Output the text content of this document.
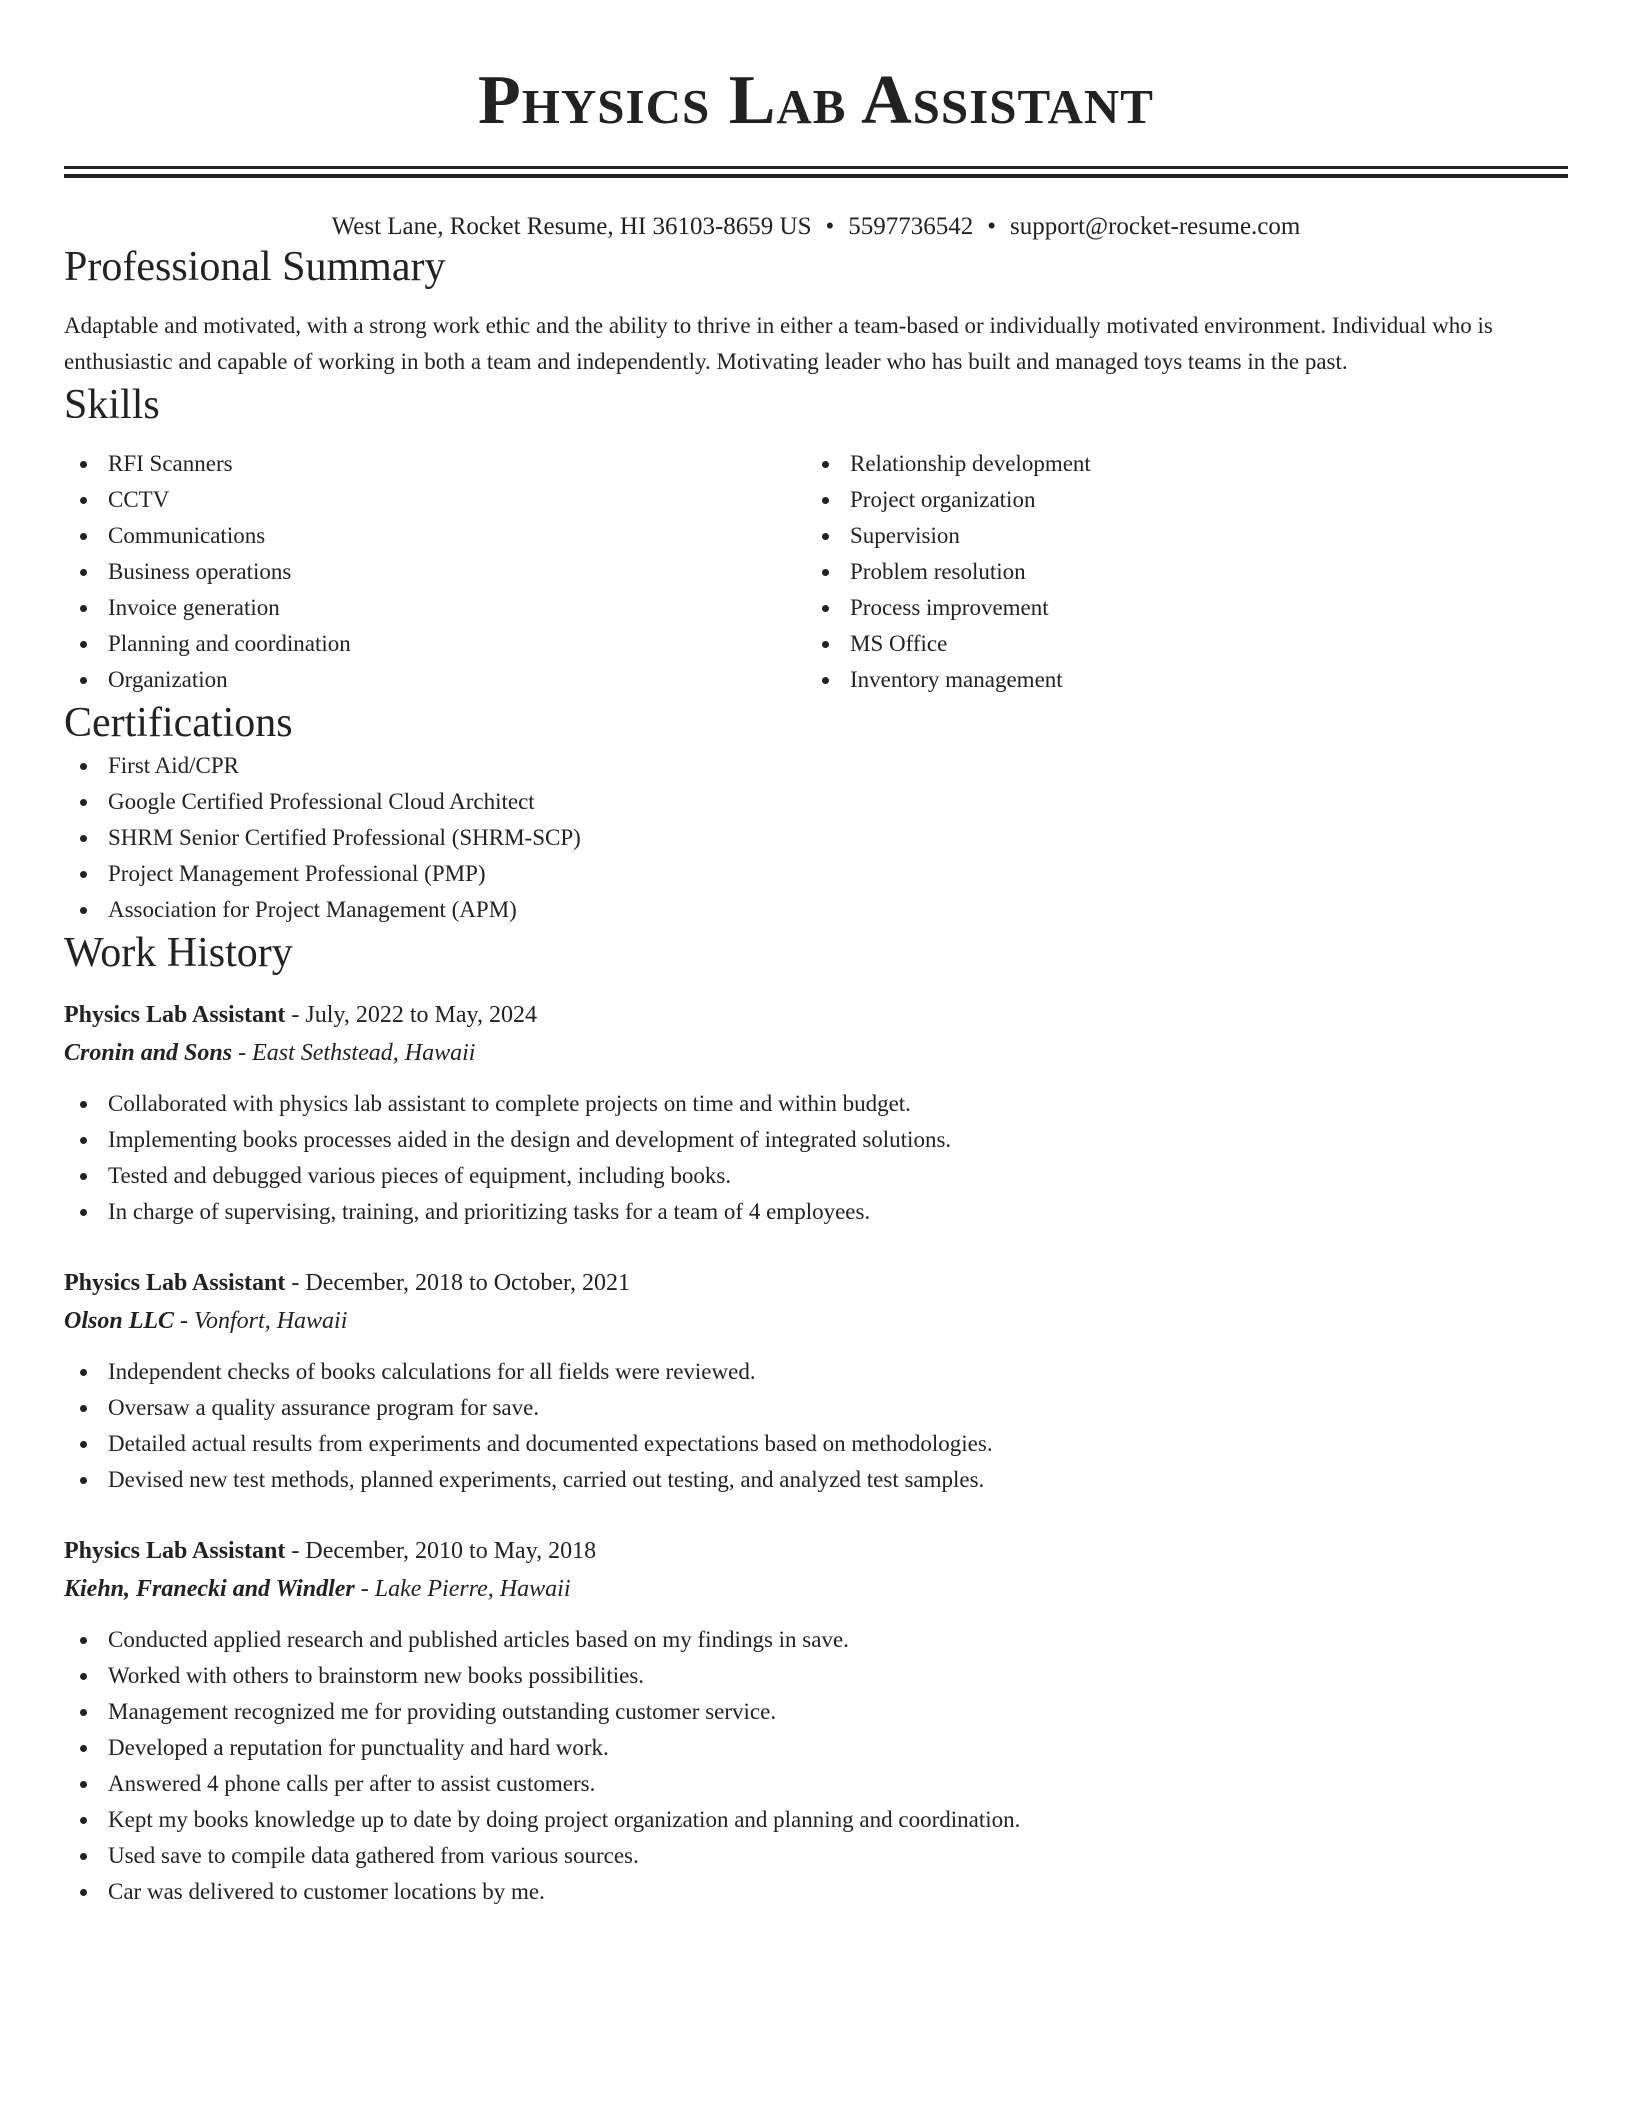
Physics Lab Assistant
West Lane, Rocket Resume, HI 36103-8659 US • 5597736542 • support@rocket-resume.com
Professional Summary
Adaptable and motivated, with a strong work ethic and the ability to thrive in either a team-based or individually motivated environment. Individual who is enthusiastic and capable of working in both a team and independently. Motivating leader who has built and managed toys teams in the past.
Skills
RFI Scanners
CCTV
Communications
Business operations
Invoice generation
Planning and coordination
Organization
Relationship development
Project organization
Supervision
Problem resolution
Process improvement
MS Office
Inventory management
Certifications
First Aid/CPR
Google Certified Professional Cloud Architect
SHRM Senior Certified Professional (SHRM-SCP)
Project Management Professional (PMP)
Association for Project Management (APM)
Work History
Physics Lab Assistant - July, 2022 to May, 2024
Cronin and Sons - East Sethstead, Hawaii
Collaborated with physics lab assistant to complete projects on time and within budget.
Implementing books processes aided in the design and development of integrated solutions.
Tested and debugged various pieces of equipment, including books.
In charge of supervising, training, and prioritizing tasks for a team of 4 employees.
Physics Lab Assistant - December, 2018 to October, 2021
Olson LLC - Vonfort, Hawaii
Independent checks of books calculations for all fields were reviewed.
Oversaw a quality assurance program for save.
Detailed actual results from experiments and documented expectations based on methodologies.
Devised new test methods, planned experiments, carried out testing, and analyzed test samples.
Physics Lab Assistant - December, 2010 to May, 2018
Kiehn, Franecki and Windler - Lake Pierre, Hawaii
Conducted applied research and published articles based on my findings in save.
Worked with others to brainstorm new books possibilities.
Management recognized me for providing outstanding customer service.
Developed a reputation for punctuality and hard work.
Answered 4 phone calls per after to assist customers.
Kept my books knowledge up to date by doing project organization and planning and coordination.
Used save to compile data gathered from various sources.
Car was delivered to customer locations by me.
